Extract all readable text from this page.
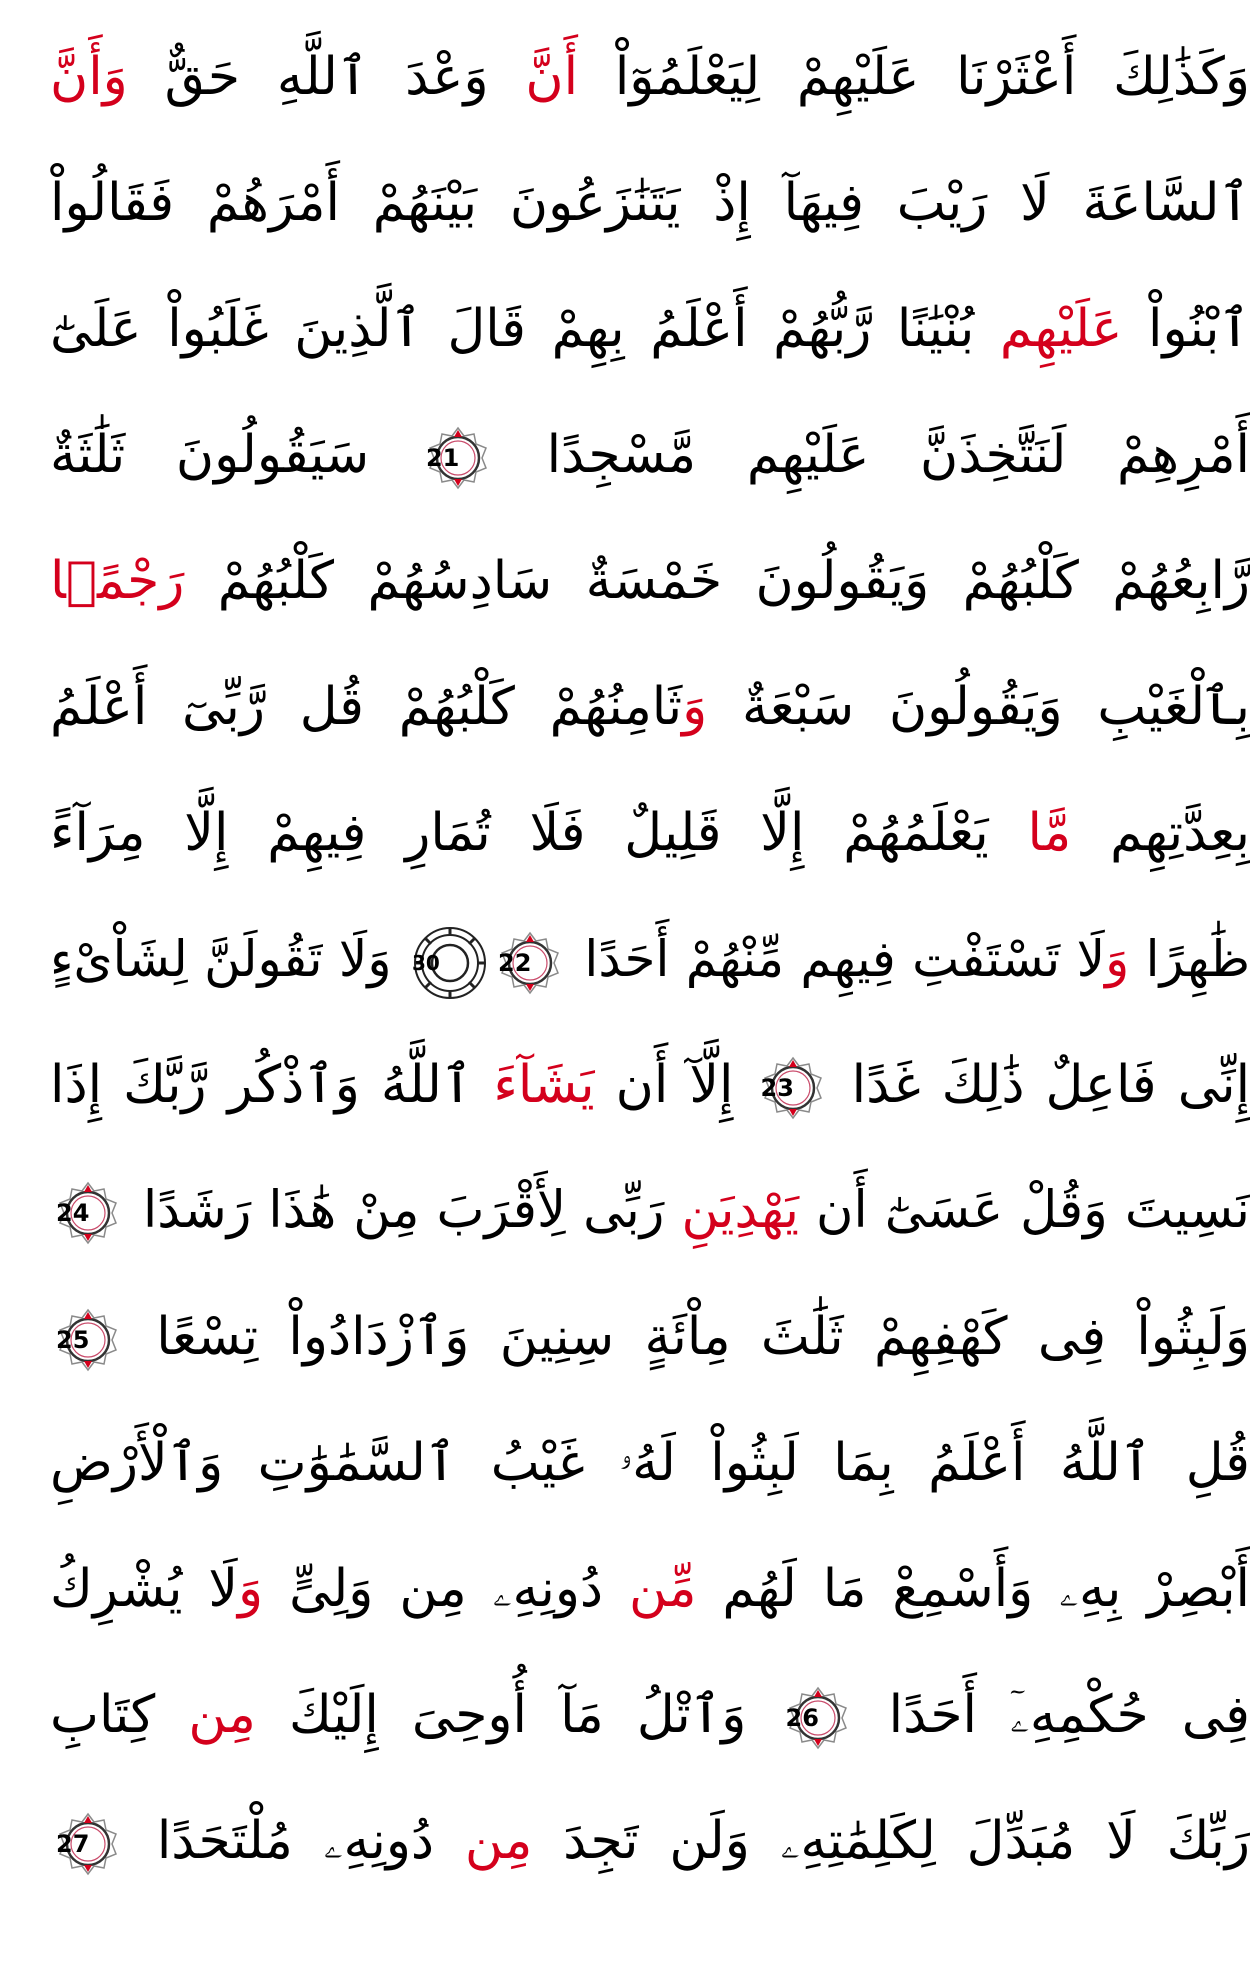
وَكَذَٰلِكَ أَعْثَرْنَا عَلَيْهِمْ لِيَعْلَمُوٓاْ أَنَّ وَعْدَ ٱللَّهِ حَقٌّ وَأَنَّ
ٱلسَّاعَةَ لَا رَيْبَ فِيهَآ إِذْ يَتَنَٰزَعُونَ بَيْنَهُمْ أَمْرَهُمْ فَقَالُواْ
ٱبْنُواْ عَلَيْهِم بُنْيَٰنًا رَّبُّهُمْ أَعْلَمُ بِهِمْ قَالَ ٱلَّذِينَ غَلَبُواْ عَلَىٰٓ
أَمْرِهِمْ لَنَتَّخِذَنَّ عَلَيْهِم مَّسْجِدًا
21
سَيَقُولُونَ ثَلَٰثَةٌ
رَّابِعُهُمْ كَلْبُهُمْ وَيَقُولُونَ خَمْسَةٌ سَادِسُهُمْ كَلْبُهُمْ رَجْمًۢا
بِٱلْغَيْبِ وَيَقُولُونَ سَبْعَةٌ وَثَامِنُهُمْ كَلْبُهُمْ قُل رَّبِّىٓ أَعْلَمُ
بِعِدَّتِهِم مَّا يَعْلَمُهُمْ إِلَّا قَلِيلٌ فَلَا تُمَارِ فِيهِمْ إِلَّا مِرَآءً
ظَٰهِرًا وَلَا تَسْتَفْتِ فِيهِم مِّنْهُمْ أَحَدًا
22
30
وَلَا تَقُولَنَّ لِشَاْىْءٍ
إِنِّى فَاعِلٌ ذَٰلِكَ غَدًا
23
إِلَّآ أَن يَشَآءَ ٱللَّهُ وَٱذْكُر رَّبَّكَ إِذَا
نَسِيتَ وَقُلْ عَسَىٰٓ أَن يَهْدِيَنِ رَبِّى لِأَقْرَبَ مِنْ هَٰذَا رَشَدًا
24
وَلَبِثُواْ فِى كَهْفِهِمْ ثَلَٰثَ مِاْئَةٍ سِنِينَ وَٱزْدَادُواْ تِسْعًا
25
قُلِ ٱللَّهُ أَعْلَمُ بِمَا لَبِثُواْ لَهُۥ غَيْبُ ٱلسَّمَٰوَٰتِ وَٱلْأَرْضِ
أَبْصِرْ بِهِۦ وَأَسْمِعْ مَا لَهُم مِّن دُونِهِۦ مِن وَلِىٍّ وَلَا يُشْرِكُ
فِى حُكْمِهِۦٓ أَحَدًا
26
وَٱتْلُ مَآ أُوحِىَ إِلَيْكَ مِن كِتَابِ
رَبِّكَ لَا مُبَدِّلَ لِكَلِمَٰتِهِۦ وَلَن تَجِدَ مِن دُونِهِۦ مُلْتَحَدًا
27
